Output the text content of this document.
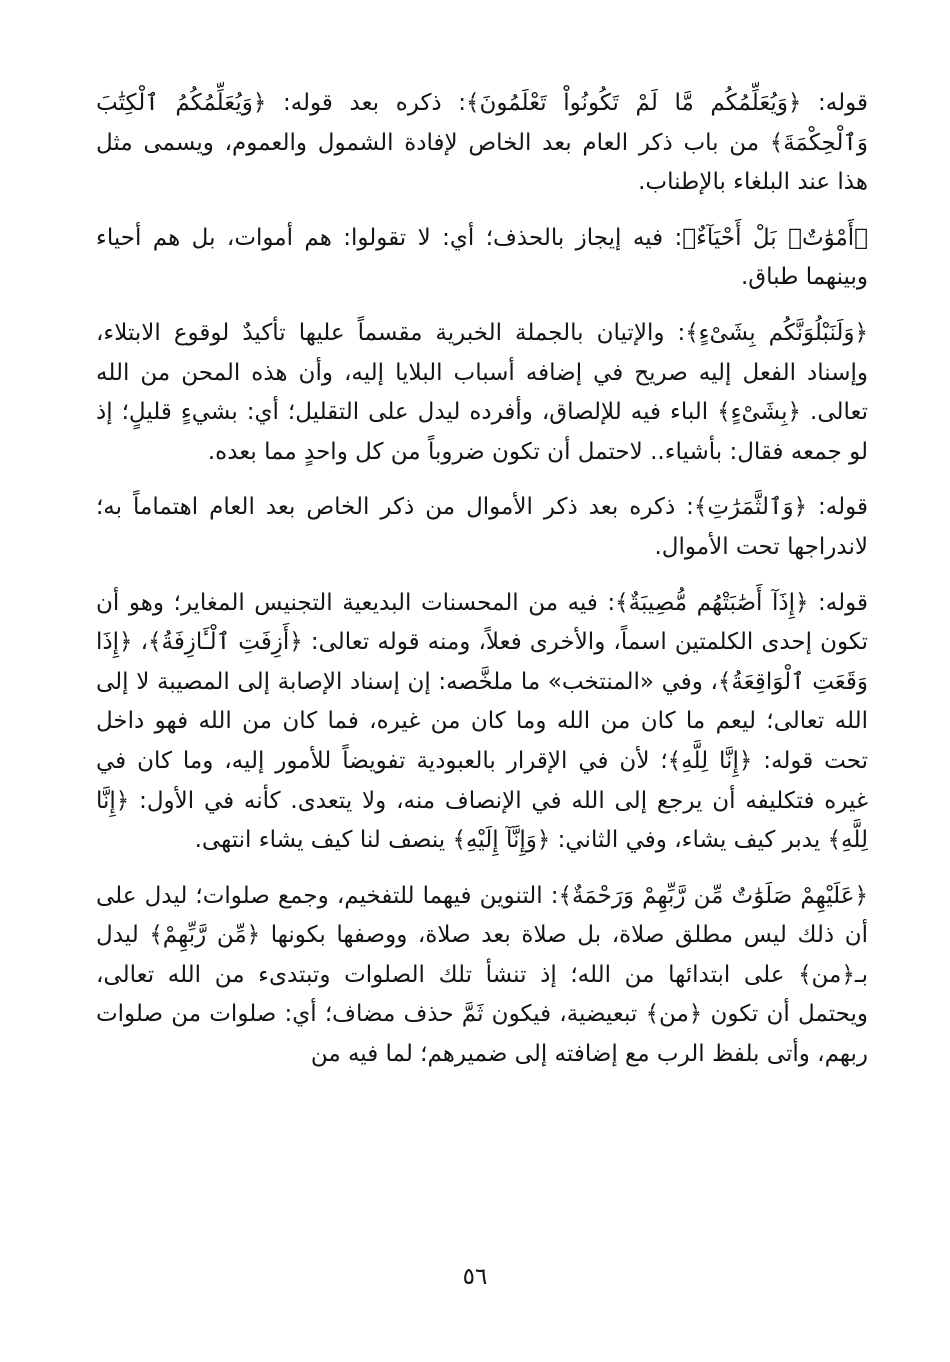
قوله: ﴿وَيُعَلِّمُكُم مَّا لَمْ تَكُونُواْ تَعْلَمُونَ﴾: ذكره بعد قوله: ﴿وَيُعَلِّمُكُمُ ٱلْكِتَٰبَ وَٱلْحِكْمَةَ﴾ من باب ذكر العام بعد الخاص لإفادة الشمول والعموم، ويسمى مثل هذا عند البلغاء بالإطناب.

﴿أَمْوَٰتٌۢ بَلْ أَحْيَآءٌ﴾: فيه إيجاز بالحذف؛ أي: لا تقولوا: هم أموات، بل هم أحياء وبينهما طباق.

﴿وَلَنَبْلُوَنَّكُم بِشَىْءٍ﴾: والإتيان بالجملة الخبرية مقسماً عليها تأكيدٌ لوقوع الابتلاء، وإسناد الفعل إليه صريح في إضافه أسباب البلايا إليه، وأن هذه المحن من الله تعالى. ﴿بِشَىْءٍ﴾ الباء فيه للإلصاق، وأفرده ليدل على التقليل؛ أي: بشيءٍ قليلٍ؛ إذ لو جمعه فقال: بأشياء.. لاحتمل أن تكون ضروباً من كل واحدٍ مما بعده.

قوله: ﴿وَٱلثَّمَرَٰتِ﴾: ذكره بعد ذكر الأموال من ذكر الخاص بعد العام اهتماماً به؛ لاندراجها تحت الأموال.

قوله: ﴿إِذَآ أَصَٰبَتْهُم مُّصِيبَةٌ﴾: فيه من المحسنات البديعية التجنيس المغاير؛ وهو أن تكون إحدى الكلمتين اسماً، والأخرى فعلاً، ومنه قوله تعالى: ﴿أَزِفَتِ ٱلْـَٔازِفَةُ﴾، ﴿إِذَا وَقَعَتِ ٱلْوَاقِعَةُ﴾، وفي «المنتخب» ما ملخَّصه: إن إسناد الإصابة إلى المصيبة لا إلى الله تعالى؛ ليعم ما كان من الله وما كان من غيره، فما كان من الله فهو داخل تحت قوله: ﴿إِنَّا لِلَّهِ﴾؛ لأن في الإقرار بالعبودية تفويضاً للأمور إليه، وما كان في غيره فتكليفه أن يرجع إلى الله في الإنصاف منه، ولا يتعدى. كأنه في الأول: ﴿إِنَّا لِلَّهِ﴾ يدبر كيف يشاء، وفي الثاني: ﴿وَإِنَّآ إِلَيْهِ﴾ ينصف لنا كيف يشاء انتهى.

﴿عَلَيْهِمْ صَلَوَٰتٌ مِّن رَّبِّهِمْ وَرَحْمَةٌ﴾: التنوين فيهما للتفخيم، وجمع صلوات؛ ليدل على أن ذلك ليس مطلق صلاة، بل صلاة بعد صلاة، ووصفها بكونها ﴿مِّن رَّبِّهِمْ﴾ ليدل بـ﴿من﴾ على ابتدائها من الله؛ إذ تنشأ تلك الصلوات وتبتدىء من الله تعالى، ويحتمل أن تكون ﴿من﴾ تبعيضية، فيكون ثَمَّ حذف مضاف؛ أي: صلوات من صلوات ربهم، وأتى بلفظ الرب مع إضافته إلى ضميرهم؛ لما فيه من

٥٦
